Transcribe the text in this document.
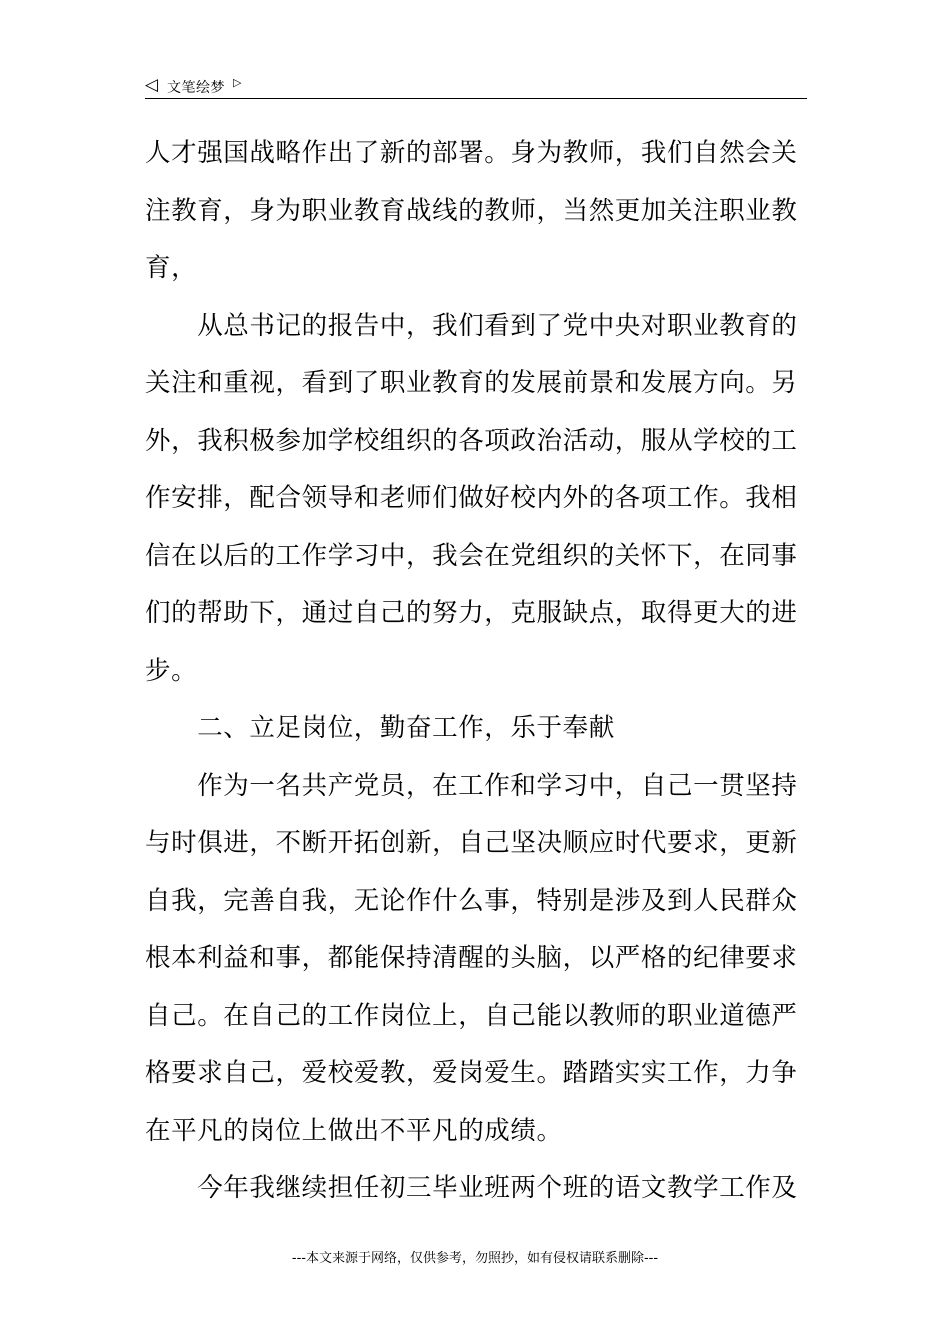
◁ 文笔绘梦 ▷
人才强国战略作出了新的部署。身为教师，我们自然会关
注教育，身为职业教育战线的教师，当然更加关注职业教
育，
　　从总书记的报告中，我们看到了党中央对职业教育的
关注和重视，看到了职业教育的发展前景和发展方向。另
外，我积极参加学校组织的各项政治活动，服从学校的工
作安排，配合领导和老师们做好校内外的各项工作。我相
信在以后的工作学习中，我会在党组织的关怀下，在同事
们的帮助下，通过自己的努力，克服缺点，取得更大的进
步。
　　二、立足岗位，勤奋工作，乐于奉献
　　作为一名共产党员，在工作和学习中，自己一贯坚持
与时俱进，不断开拓创新，自己坚决顺应时代要求，更新
自我，完善自我，无论作什么事，特别是涉及到人民群众
根本利益和事，都能保持清醒的头脑，以严格的纪律要求
自己。在自己的工作岗位上，自己能以教师的职业道德严
格要求自己，爱校爱教，爱岗爱生。踏踏实实工作，力争
在平凡的岗位上做出不平凡的成绩。
　　今年我继续担任初三毕业班两个班的语文教学工作及
---本文来源于网络，仅供参考，勿照抄，如有侵权请联系删除---
